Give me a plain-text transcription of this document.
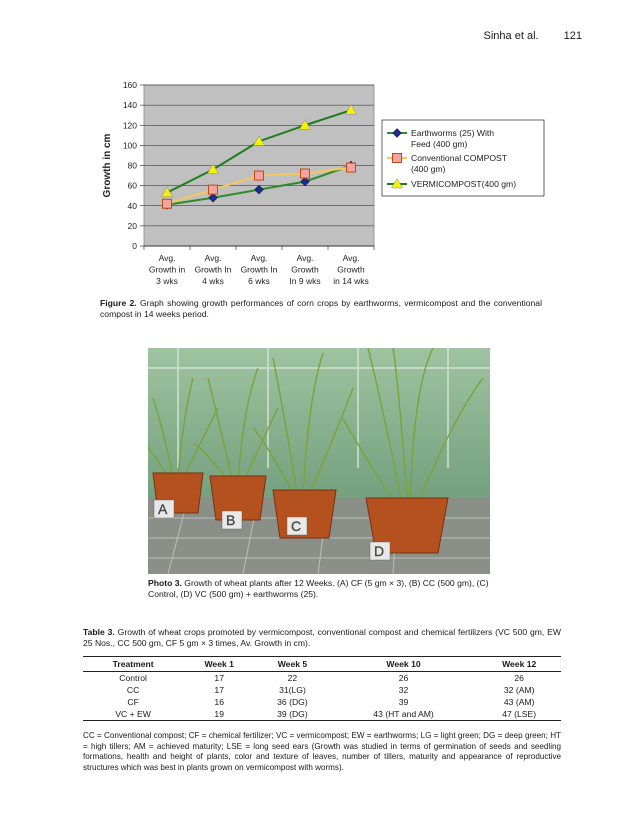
Sinha et al. 121
0
20
40
60
80
100
120
140
160
Avg.
Growth in
3 wks
Avg.
Growth In
4 wks
Avg.
Growth In
6 wks
Avg.
Growth
In 9 wks
Avg.
Growth
in 14 wks
Growth in cm
Earthworms (25) With
Feed (400 gm)
Conventional COMPOST
(400 gm)
VERMICOMPOST(400 gm)
Figure 2. Graph showing growth performances of corn crops by earthworms, vermicompost and the conventional compost in 14 weeks period.
A
B	C
D
Photo 3. Growth of wheat plants after 12 Weeks. (A) CF (5 gm × 3), (B) CC (500 gm), (C) Control, (D) VC (500 gm) + earthworms (25).
Table 3. Growth of wheat crops promoted by vermicompost, conventional compost and chemical fertilizers (VC 500 gm, EW 25 Nos., CC 500 gm, CF 5 gm × 3 times, Av. Growth in cm).
Treatment	Week 1	Week 5	Week 10	Week 12
Control	17	22	26	26
CC	17	31(LG)	32	32 (AM)
CF	16	36 (DG)	39	43 (AM)
VC + EW	19	39 (DG)	43 (HT and AM)	47 (LSE)
CC = Conventional compost; CF = chemical fertilizer; VC = vermicompost; EW = earthworms; LG = light green; DG = deep green; HT = high tillers; AM = achieved maturity; LSE = long seed ears (Growth was studied in terms of germination of seeds and seedling formations, health and height of plants, color and texture of leaves, number of tillers, maturity and appearance of reproductive structures which was best in plants grown on vermicompost with worms).
